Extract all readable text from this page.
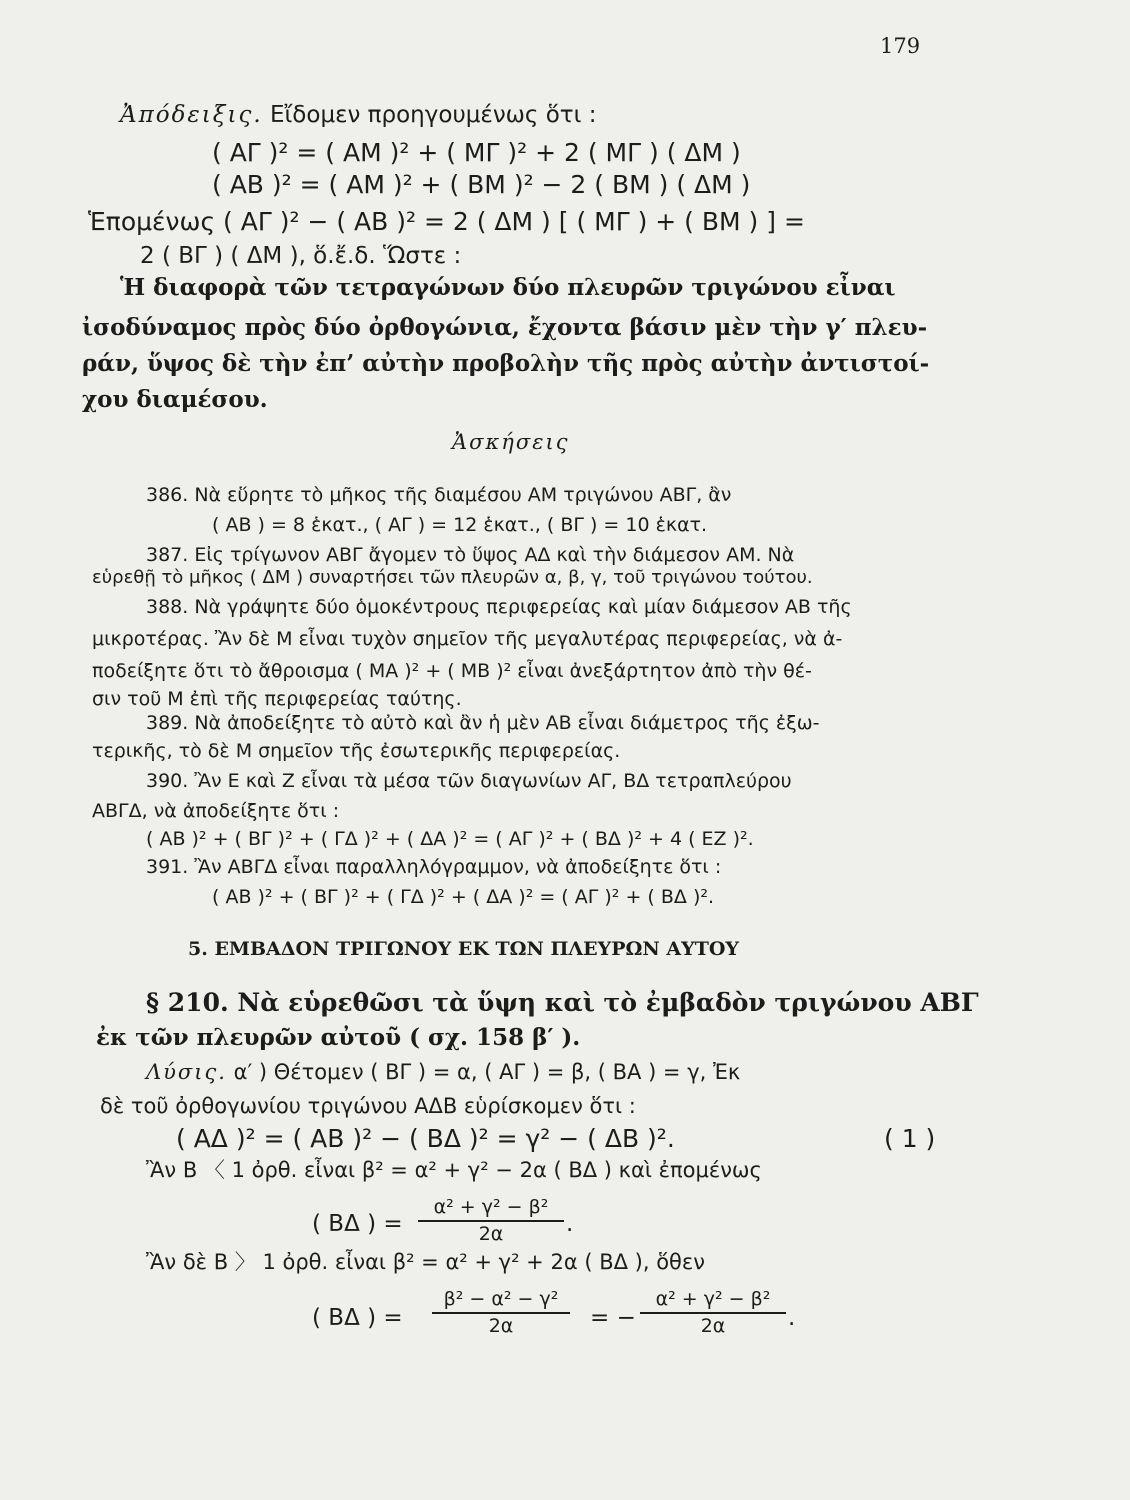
179
Ἀπόδειξις. Εἴδομεν προηγουμένως ὅτι :
( ΑΓ )² = ( ΑΜ )² + ( ΜΓ )² + 2 ( ΜΓ ) ( ΔΜ )
( ΑΒ )² = ( ΑΜ )² + ( ΒΜ )² − 2 ( ΒΜ ) ( ΔΜ )
Ἑπομένως ( ΑΓ )² − ( ΑΒ )² = 2 ( ΔΜ ) [ ( ΜΓ ) + ( ΒΜ ) ] =
2 ( ΒΓ ) ( ΔΜ ), ὅ.ἔ.δ. Ὥστε :
Ἡ διαφορὰ τῶν τετραγώνων δύο πλευρῶν τριγώνου εἶναι
ἰσοδύναμος πρὸς δύο ὀρθογώνια, ἔχοντα βάσιν μὲν τὴν γ′ πλευ-
ράν, ὕψος δὲ τὴν ἐπ’ αὐτὴν προβολὴν τῆς πρὸς αὐτὴν ἀντιστοί-
χου διαμέσου.
Ἀσκήσεις
386. Νὰ εὕρητε τὸ μῆκος τῆς διαμέσου ΑΜ τριγώνου ΑΒΓ, ἂν
( ΑΒ ) = 8 ἑκατ., ( ΑΓ ) = 12 ἑκατ., ( ΒΓ ) = 10 ἑκατ.
387. Εἰς τρίγωνον ΑΒΓ ἄγομεν τὸ ὕψος ΑΔ καὶ τὴν διάμεσον ΑΜ. Νὰ
εὑρεθῇ τὸ μῆκος ( ΔΜ ) συναρτήσει τῶν πλευρῶν α, β, γ, τοῦ τριγώνου τούτου.
388. Νὰ γράψητε δύο ὁμοκέντρους περιφερείας καὶ μίαν διάμεσον ΑΒ τῆς
μικροτέρας. Ἂν δὲ Μ εἶναι τυχὸν σημεῖον τῆς μεγαλυτέρας περιφερείας, νὰ ἀ-
ποδείξητε ὅτι τὸ ἄθροισμα ( ΜΑ )² + ( ΜΒ )² εἶναι ἀνεξάρτητον ἀπὸ τὴν θέ-
σιν τοῦ Μ ἐπὶ τῆς περιφερείας ταύτης.
389. Νὰ ἀποδείξητε τὸ αὐτὸ καὶ ἂν ἡ μὲν ΑΒ εἶναι διάμετρος τῆς ἐξω-
τερικῆς, τὸ δὲ Μ σημεῖον τῆς ἐσωτερικῆς περιφερείας.
390. Ἂν Ε καὶ Ζ εἶναι τὰ μέσα τῶν διαγωνίων ΑΓ, ΒΔ τετραπλεύρου
ΑΒΓΔ, νὰ ἀποδείξητε ὅτι :
( ΑΒ )² + ( ΒΓ )² + ( ΓΔ )² + ( ΔΑ )² = ( ΑΓ )² + ( ΒΔ )² + 4 ( ΕΖ )².
391. Ἂν ΑΒΓΔ εἶναι παραλληλόγραμμον, νὰ ἀποδείξητε ὅτι :
( ΑΒ )² + ( ΒΓ )² + ( ΓΔ )² + ( ΔΑ )² = ( ΑΓ )² + ( ΒΔ )².
5. ΕΜΒΑΔΟΝ ΤΡΙΓΩΝΟΥ ΕΚ ΤΩΝ ΠΛΕΥΡΩΝ ΑΥΤΟΥ
§ 210. Νὰ εὑρεθῶσι τὰ ὕψη καὶ τὸ ἐμβαδὸν τριγώνου ΑΒΓ
ἐκ τῶν πλευρῶν αὐτοῦ ( σχ. 158 β′ ).
Λύσις. α′ ) Θέτομεν ( ΒΓ ) = α, ( ΑΓ ) = β, ( ΒΑ ) = γ, Ἐκ
δὲ τοῦ ὀρθογωνίου τριγώνου ΑΔΒ εὑρίσκομεν ὅτι :
( ΑΔ )² = ( ΑΒ )² − ( ΒΔ )² = γ² − ( ΔΒ )².	( 1 )
Ἂν Β 〈 1 ὀρθ. εἶναι β² = α² + γ² − 2α ( ΒΔ ) καὶ ἐπομένως
( ΒΔ ) =
α² + γ² − β²
2α	.
Ἂν δὲ Β 〉 1 ὀρθ. εἶναι β² = α² + γ² + 2α ( ΒΔ ), ὅθεν
( ΒΔ ) =
β² − α² − γ²
2α	= −
α² + γ² − β²
2α	.
